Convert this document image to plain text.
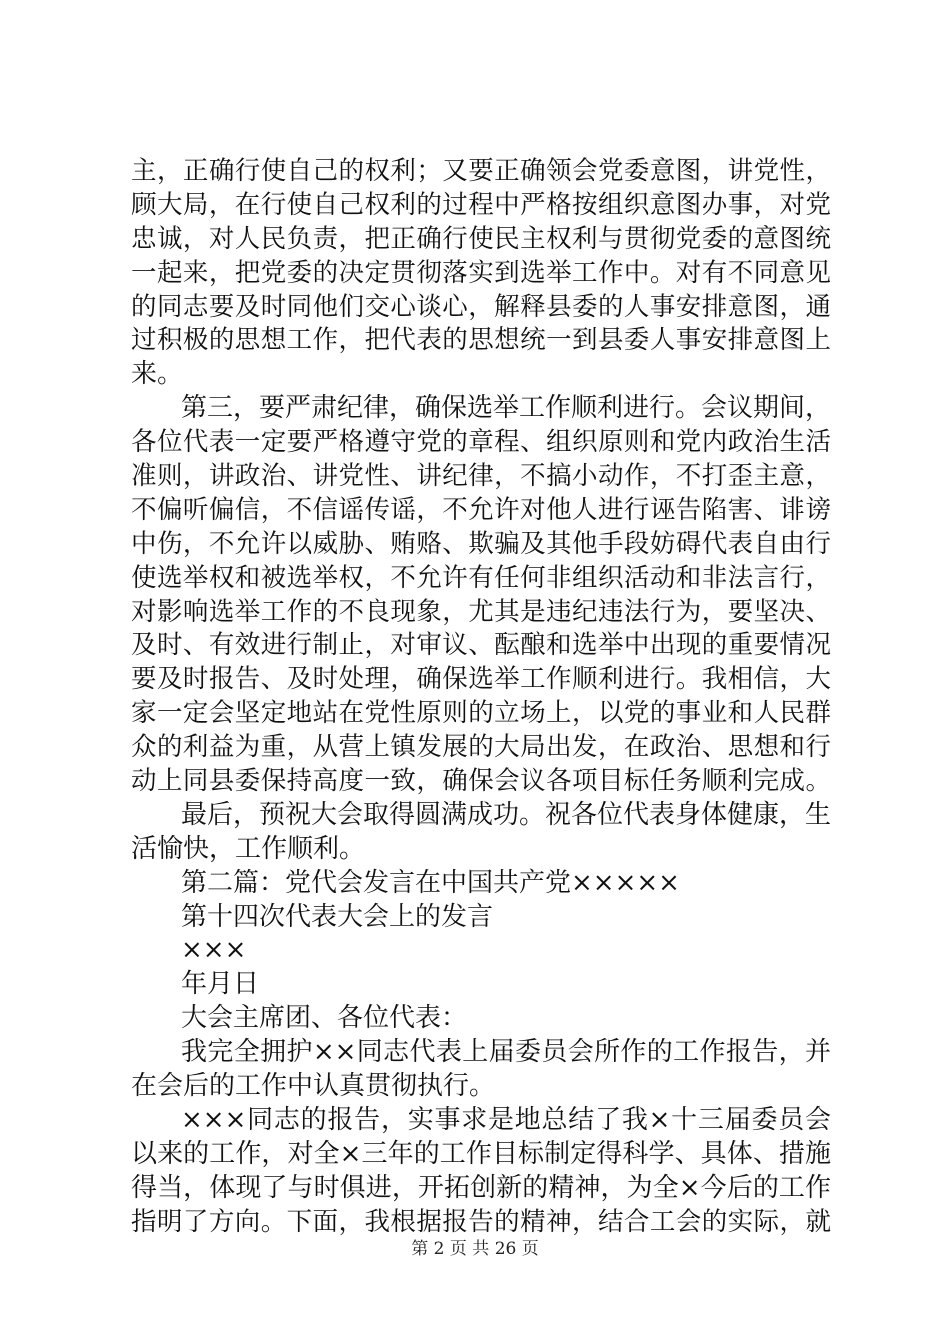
主，正确行使自己的权利；又要正确领会党委意图，讲党性，
顾大局，在行使自己权利的过程中严格按组织意图办事，对党
忠诚，对人民负责，把正确行使民主权利与贯彻党委的意图统
一起来，把党委的决定贯彻落实到选举工作中。对有不同意见
的同志要及时同他们交心谈心，解释县委的人事安排意图，通
过积极的思想工作，把代表的思想统一到县委人事安排意图上
来。
第三，要严肃纪律，确保选举工作顺利进行。会议期间，
各位代表一定要严格遵守党的章程、组织原则和党内政治生活
准则，讲政治、讲党性、讲纪律，不搞小动作，不打歪主意，
不偏听偏信，不信谣传谣，不允许对他人进行诬告陷害、诽谤
中伤，不允许以威胁、贿赂、欺骗及其他手段妨碍代表自由行
使选举权和被选举权，不允许有任何非组织活动和非法言行，
对影响选举工作的不良现象，尤其是违纪违法行为，要坚决、
及时、有效进行制止，对审议、酝酿和选举中出现的重要情况
要及时报告、及时处理，确保选举工作顺利进行。我相信，大
家一定会坚定地站在党性原则的立场上，以党的事业和人民群
众的利益为重，从营上镇发展的大局出发，在政治、思想和行
动上同县委保持高度一致，确保会议各项目标任务顺利完成。
最后，预祝大会取得圆满成功。祝各位代表身体健康，生
活愉快，工作顺利。
第二篇：党代会发言在中国共产党×××××
第十四次代表大会上的发言
×××
年月日
大会主席团、各位代表：
我完全拥护××同志代表上届委员会所作的工作报告，并
在会后的工作中认真贯彻执行。
×××同志的报告，实事求是地总结了我×十三届委员会
以来的工作，对全×三年的工作目标制定得科学、具体、措施
得当，体现了与时俱进，开拓创新的精神，为全×今后的工作
指明了方向。下面，我根据报告的精神，结合工会的实际，就
第 2 页 共 26 页
